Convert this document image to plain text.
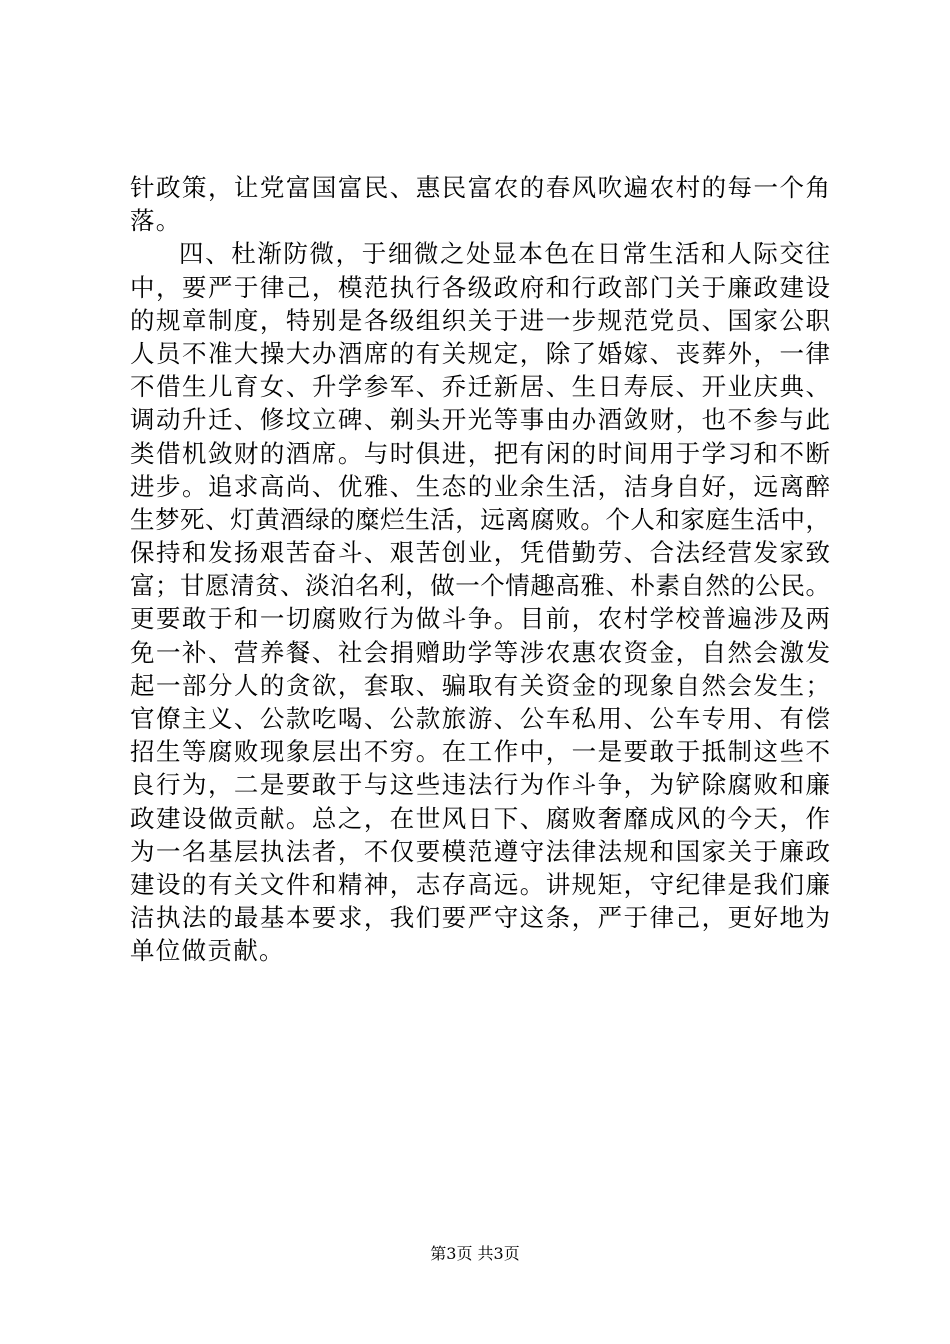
针政策，让党富国富民、惠民富农的春风吹遍农村的每一个角
落。
四、杜渐防微，于细微之处显本色在日常生活和人际交往
中，要严于律己，模范执行各级政府和行政部门关于廉政建设
的规章制度，特别是各级组织关于进一步规范党员、国家公职
人员不准大操大办酒席的有关规定，除了婚嫁、丧葬外，一律
不借生儿育女、升学参军、乔迁新居、生日寿辰、开业庆典、
调动升迁、修坟立碑、剃头开光等事由办酒敛财，也不参与此
类借机敛财的酒席。与时俱进，把有闲的时间用于学习和不断
进步。追求高尚、优雅、生态的业余生活，洁身自好，远离醉
生梦死、灯黄酒绿的糜烂生活，远离腐败。个人和家庭生活中，
保持和发扬艰苦奋斗、艰苦创业，凭借勤劳、合法经营发家致
富；甘愿清贫、淡泊名利，做一个情趣高雅、朴素自然的公民。
更要敢于和一切腐败行为做斗争。目前，农村学校普遍涉及两
免一补、营养餐、社会捐赠助学等涉农惠农资金，自然会激发
起一部分人的贪欲，套取、骗取有关资金的现象自然会发生；
官僚主义、公款吃喝、公款旅游、公车私用、公车专用、有偿
招生等腐败现象层出不穷。在工作中，一是要敢于抵制这些不
良行为，二是要敢于与这些违法行为作斗争，为铲除腐败和廉
政建设做贡献。总之，在世风日下、腐败奢靡成风的今天，作
为一名基层执法者，不仅要模范遵守法律法规和国家关于廉政
建设的有关文件和精神，志存高远。讲规矩，守纪律是我们廉
洁执法的最基本要求，我们要严守这条，严于律己，更好地为
单位做贡献。
第3页 共3页
